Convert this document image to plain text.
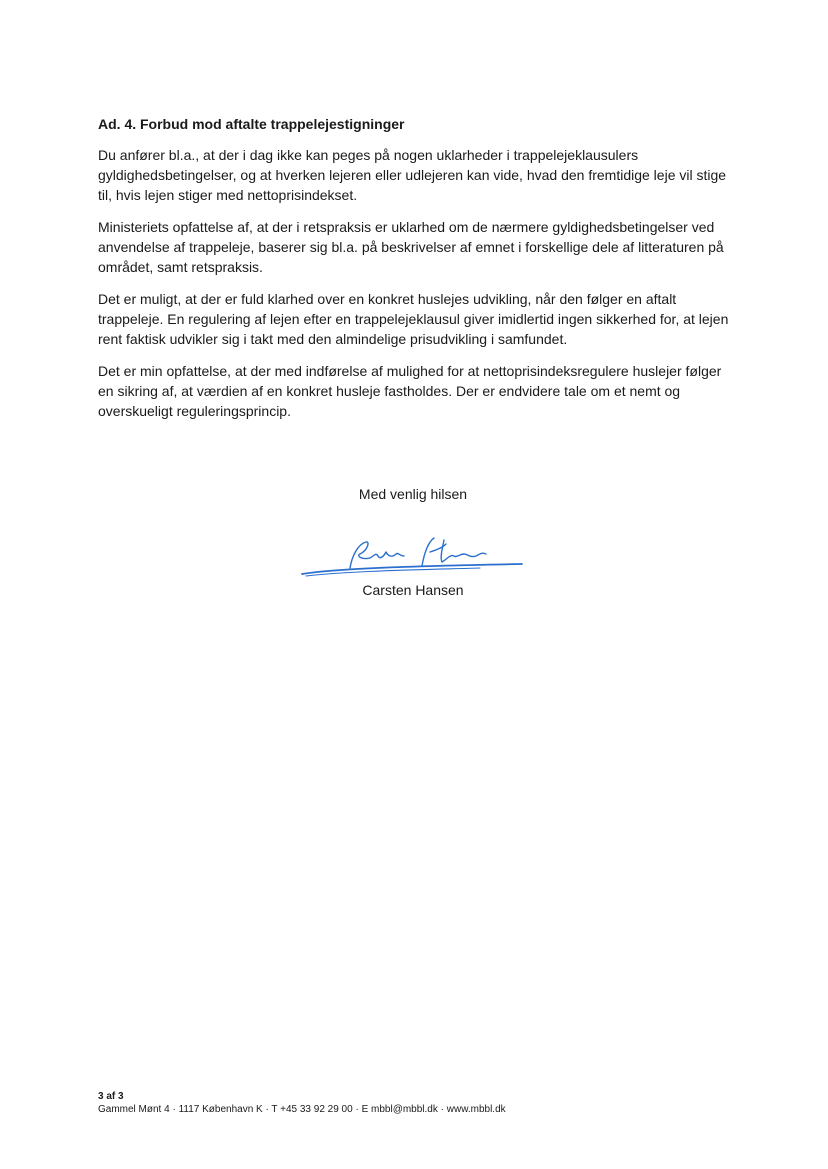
Ad. 4. Forbud mod aftalte trappelejestigninger
Du anfører bl.a., at der i dag ikke kan peges på nogen uklarheder i trappelejeklausulers
gyldighedsbetingelser, og at hverken lejeren eller udlejeren kan vide, hvad den fremtidige leje vil stige
til, hvis lejen stiger med nettoprisindekset.
Ministeriets opfattelse af, at der i retspraksis er uklarhed om de nærmere gyldighedsbetingelser ved
anvendelse af trappeleje, baserer sig bl.a. på beskrivelser af emnet i forskellige dele af litteraturen på
området, samt retspraksis.
Det er muligt, at der er fuld klarhed over en konkret huslejes udvikling, når den følger en aftalt
trappeleje. En regulering af lejen efter en trappelejeklausul giver imidlertid ingen sikkerhed for, at lejen
rent faktisk udvikler sig i takt med den almindelige prisudvikling i samfundet.
Det er min opfattelse, at der med indførelse af mulighed for at nettoprisindeksregulere huslejer følger
en sikring af, at værdien af en konkret husleje fastholdes. Der er endvidere tale om et nemt og
overskueligt reguleringsprincip.
Med venlig hilsen
Carsten Hansen
3 af 3
Gammel Mønt 4 · 1117 København K · T +45 33 92 29 00 · E mbbl@mbbl.dk · www.mbbl.dk
